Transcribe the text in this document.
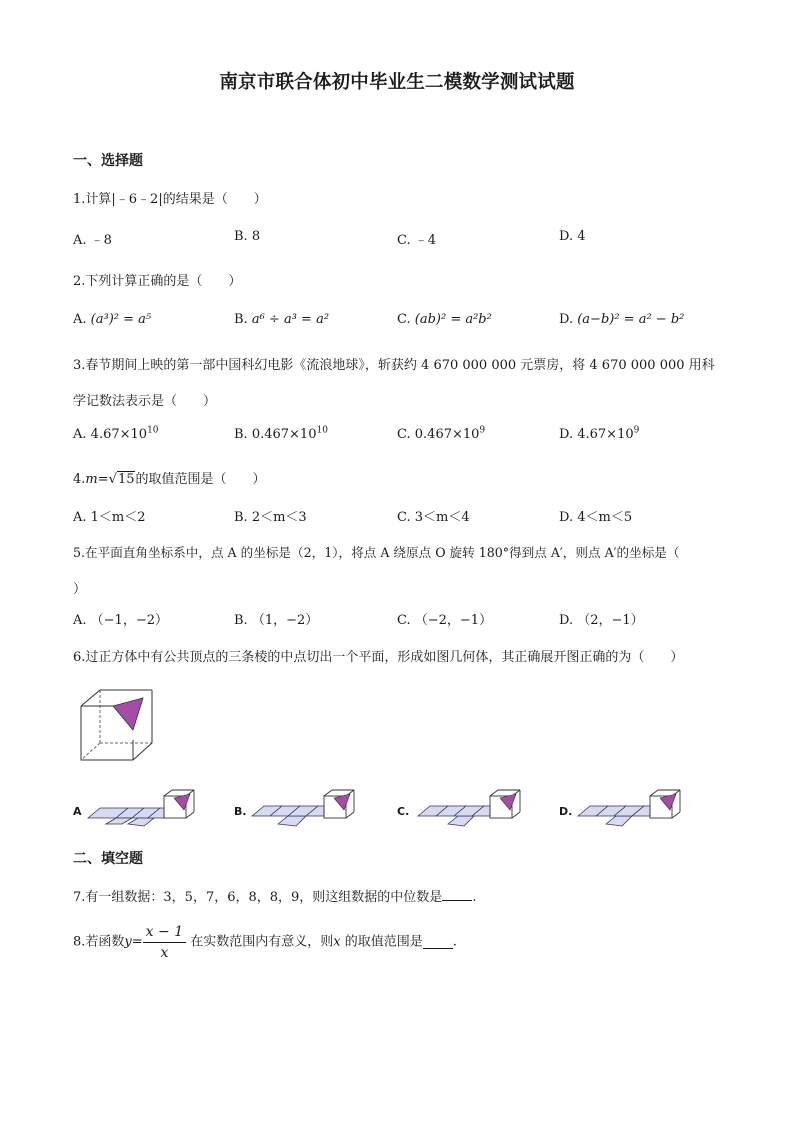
南京市联合体初中毕业生二模数学测试试题
一、选择题
1.计算|﹣6﹣2|的结果是（　　）
A. ﹣8	B. 8	C. ﹣4	D. 4
2.下列计算正确的是（　　）
A. (a³)² = a⁵	B. a⁶ ÷ a³ = a²	C. (ab)² = a²b²	D. (a−b)² = a² − b²
3.春节期间上映的第一部中国科幻电影《流浪地球》，斩获约 4 670 000 000 元票房，将 4 670 000 000 用科
学记数法表示是（　　）
A. $4.67\times 10^{10}$	B. $0.467\times 10^{10}$	C. $0.467\times 10^9$	D. $4.67\times 10^9$
4.m=√15的取值范围是（　　）
A. 1＜m＜2	B. 2＜m＜3	C. 3＜m＜4	D. 4＜m＜5
5.在平面直角坐标系中，点 A 的坐标是（2，1），将点 A 绕原点 O 旋转 180°得到点 A′，则点 A′的坐标是（
）
A. （−1，−2）	B. （1，−2）	C. （−2，−1）	D. （2，−1）
6.过正方体中有公共顶点的三条棱的中点切出一个平面，形成如图几何体，其正确展开图正确的为（　　）
A	B.	C.	D.
二、填空题
7.有一组数据：3，5，7，6，8，8，9，则这组数据的中位数是 .
8.若函数$y= \frac{x - 1}{x}$ 在实数范围内有意义，则x 的取值范围是 .
